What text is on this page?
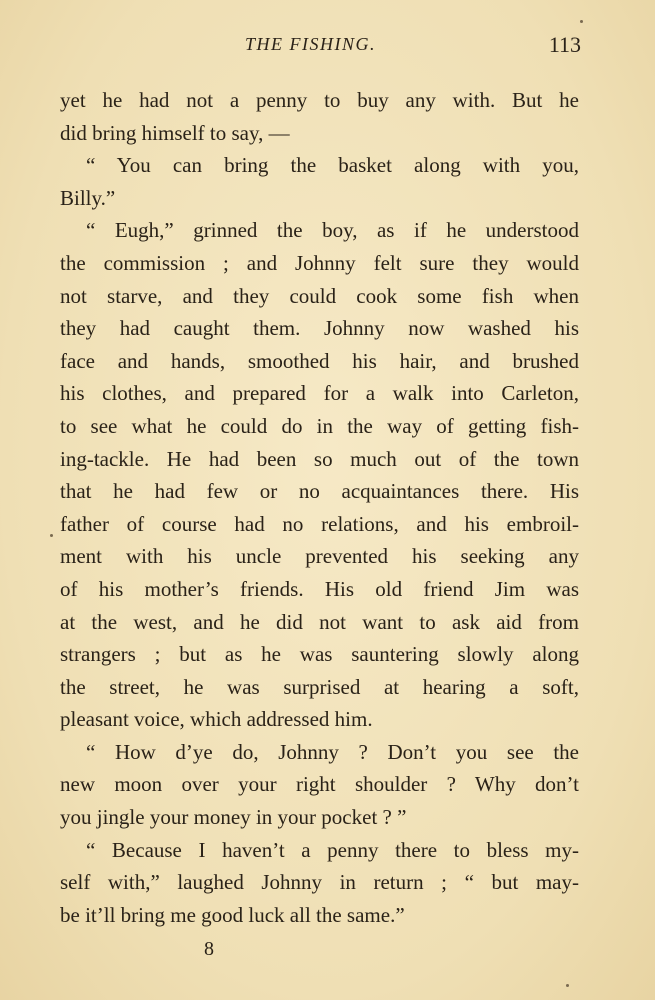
THE FISHING.	113
yet he had not a penny to buy any with. But he
did bring himself to say, —
“ You can bring the basket along with you,
Billy.”
“ Eugh,” grinned the boy, as if he understood
the commission ; and Johnny felt sure they would
not starve, and they could cook some fish when
they had caught them. Johnny now washed his
face and hands, smoothed his hair, and brushed
his clothes, and prepared for a walk into Carleton,
to see what he could do in the way of getting fish-
ing-tackle. He had been so much out of the town
that he had few or no acquaintances there. His
father of course had no relations, and his embroil-
ment with his uncle prevented his seeking any
of his mother’s friends. His old friend Jim was
at the west, and he did not want to ask aid from
strangers ; but as he was sauntering slowly along
the street, he was surprised at hearing a soft,
pleasant voice, which addressed him.
“ How d’ye do, Johnny ? Don’t you see the
new moon over your right shoulder ? Why don’t
you jingle your money in your pocket ? ”
“ Because I haven’t a penny there to bless my-
self with,” laughed Johnny in return ; “ but may-
be it’ll bring me good luck all the same.”
8
